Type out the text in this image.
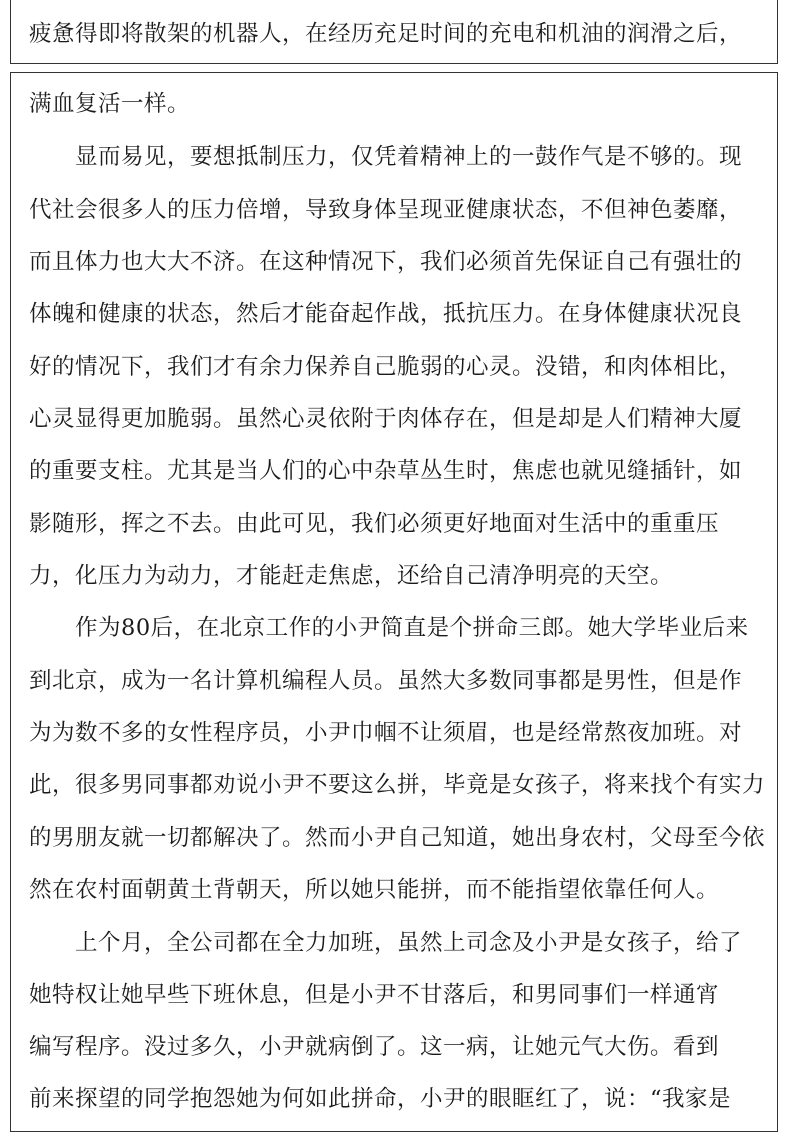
疲惫得即将散架的机器人，在经历充足时间的充电和机油的润滑之后，
满血复活一样。
显而易见，要想抵制压力，仅凭着精神上的一鼓作气是不够的。现
代社会很多人的压力倍增，导致身体呈现亚健康状态，不但神色萎靡，
而且体力也大大不济。在这种情况下，我们必须首先保证自己有强壮的
体魄和健康的状态，然后才能奋起作战，抵抗压力。在身体健康状况良
好的情况下，我们才有余力保养自己脆弱的心灵。没错，和肉体相比，
心灵显得更加脆弱。虽然心灵依附于肉体存在，但是却是人们精神大厦
的重要支柱。尤其是当人们的心中杂草丛生时，焦虑也就见缝插针，如
影随形，挥之不去。由此可见，我们必须更好地面对生活中的重重压
力，化压力为动力，才能赶走焦虑，还给自己清净明亮的天空。
作为80后，在北京工作的小尹简直是个拼命三郎。她大学毕业后来
到北京，成为一名计算机编程人员。虽然大多数同事都是男性，但是作
为为数不多的女性程序员，小尹巾帼不让须眉，也是经常熬夜加班。对
此，很多男同事都劝说小尹不要这么拼，毕竟是女孩子，将来找个有实力
的男朋友就一切都解决了。然而小尹自己知道，她出身农村，父母至今依
然在农村面朝黄土背朝天，所以她只能拼，而不能指望依靠任何人。
上个月，全公司都在全力加班，虽然上司念及小尹是女孩子，给了
她特权让她早些下班休息，但是小尹不甘落后，和男同事们一样通宵
编写程序。没过多久，小尹就病倒了。这一病，让她元气大伤。看到
前来探望的同学抱怨她为何如此拼命，小尹的眼眶红了，说：“我家是
